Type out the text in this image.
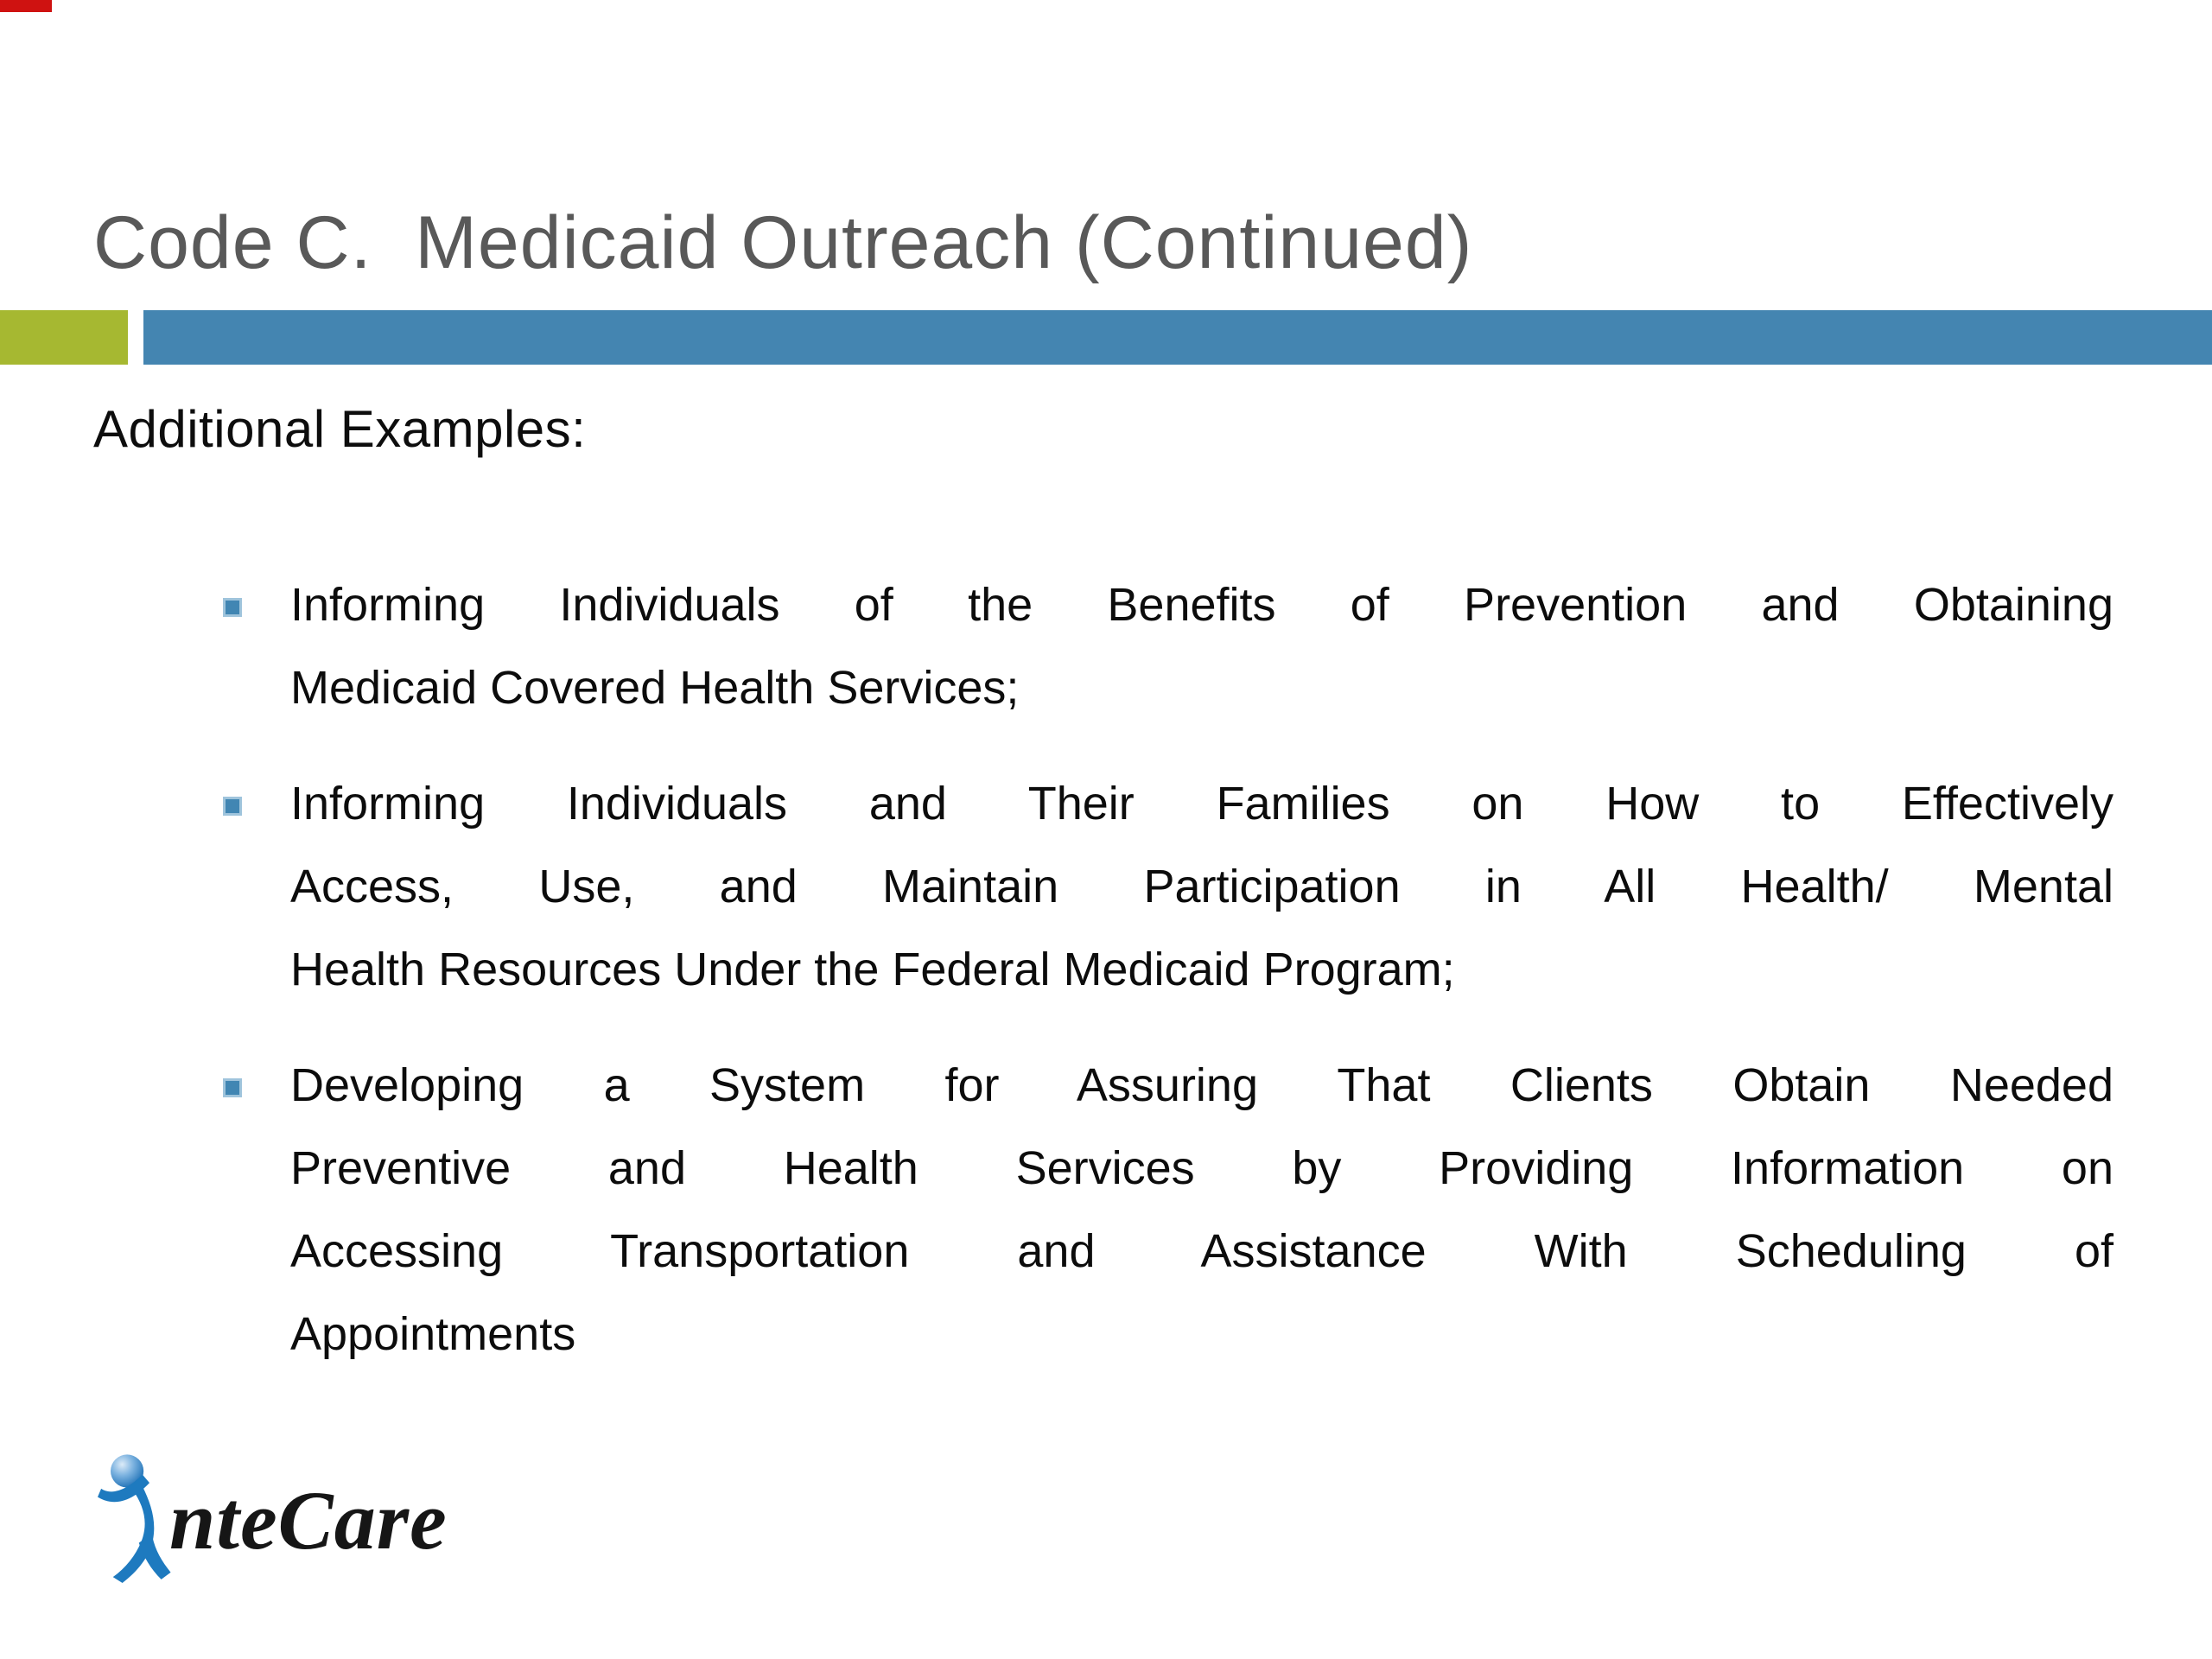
Code C.  Medicaid Outreach (Continued)
Additional Examples:
Informing Individuals of the Benefits of Prevention and Obtaining
Medicaid Covered Health Services;
Informing Individuals and Their Families on How to Effectively
Access, Use, and Maintain Participation in All Health/ Mental
Health Resources Under the Federal Medicaid Program;
Developing a System for Assuring That Clients Obtain Needed
Preventive and Health Services by Providing Information on
Accessing Transportation and Assistance With Scheduling of
Appointments
nteCare
